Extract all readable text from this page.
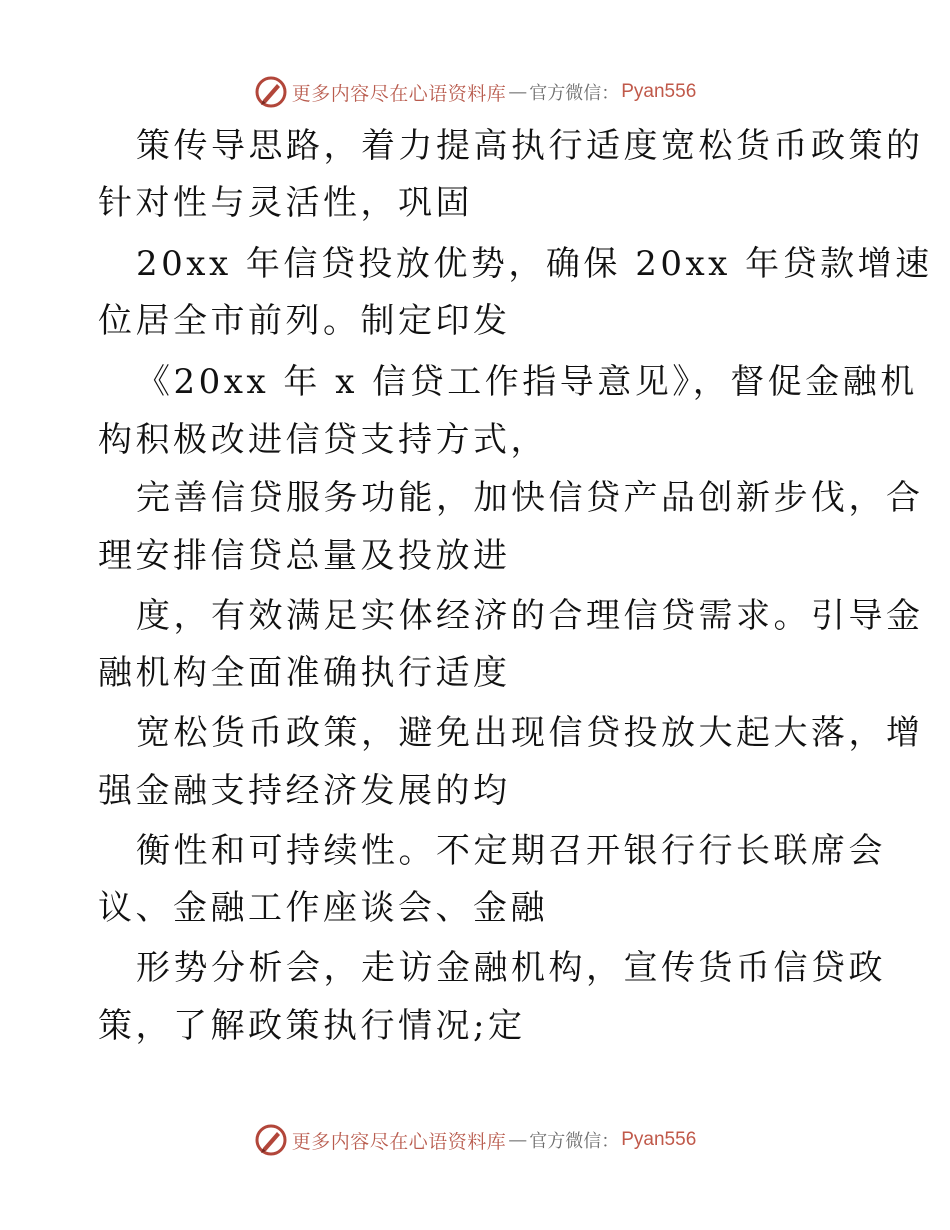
更多内容尽在心语资料库 — 官方微信： Pyan556
策传导思路，着力提高执行适度宽松货币政策的
针对性与灵活性，巩固
20xx 年信贷投放优势，确保 20xx 年贷款增速
位居全市前列。制定印发
《20xx 年 x 信贷工作指导意见》，督促金融机
构积极改进信贷支持方式，
完善信贷服务功能，加快信贷产品创新步伐，合
理安排信贷总量及投放进
度，有效满足实体经济的合理信贷需求。引导金
融机构全面准确执行适度
宽松货币政策，避免出现信贷投放大起大落，增
强金融支持经济发展的均
衡性和可持续性。不定期召开银行行长联席会
议、金融工作座谈会、金融
形势分析会，走访金融机构，宣传货币信贷政
策，了解政策执行情况;定
更多内容尽在心语资料库 — 官方微信： Pyan556
